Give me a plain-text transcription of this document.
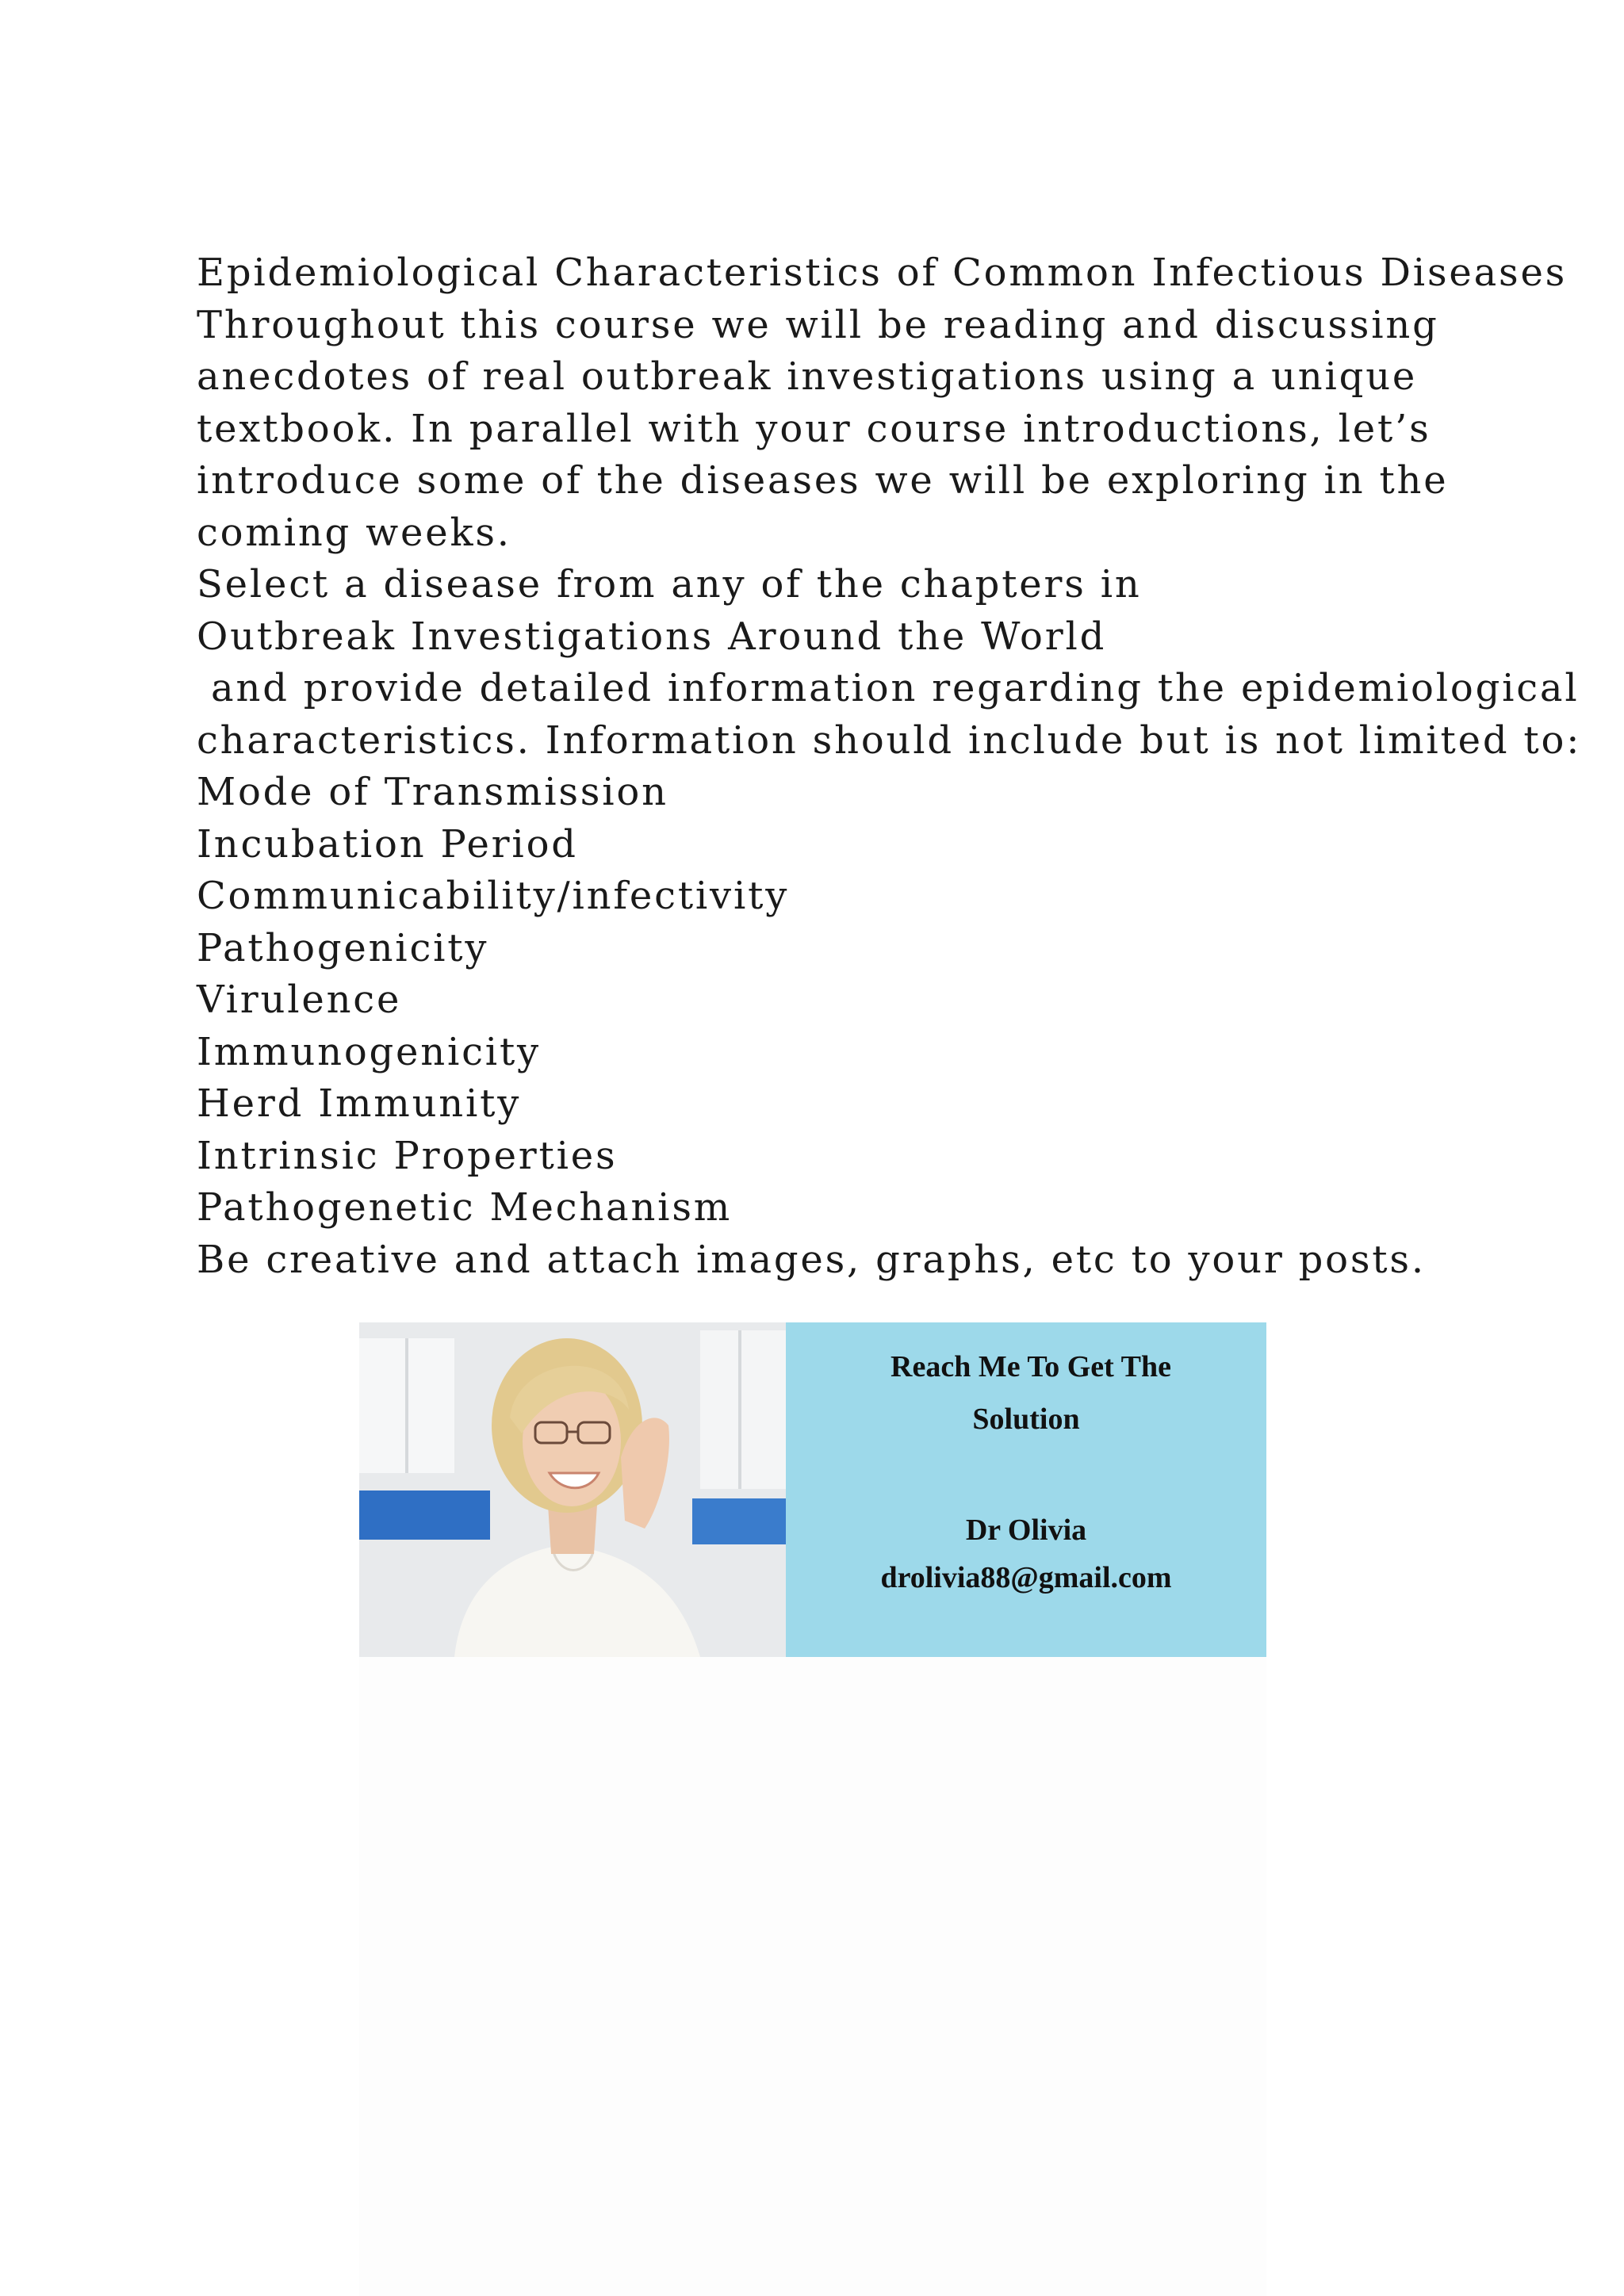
Epidemiological Characteristics of Common Infectious Diseases

Throughout this course we will be reading and discussing

anecdotes of real outbreak investigations using a unique

textbook. In parallel with your course introductions, let’s

introduce some of the diseases we will be exploring in the

coming weeks.

Select a disease from any of the chapters in

Outbreak Investigations Around the World

and provide detailed information regarding the epidemiological

characteristics. Information should include but is not limited to:

Mode of Transmission

Incubation Period

Communicability/infectivity

Pathogenicity

Virulence

Immunogenicity

Herd Immunity

Intrinsic Properties

Pathogenetic Mechanism

Be creative and attach images, graphs, etc to your posts.

Reach Me To Get The

Solution

Dr Olivia

drolivia88@gmail.com
